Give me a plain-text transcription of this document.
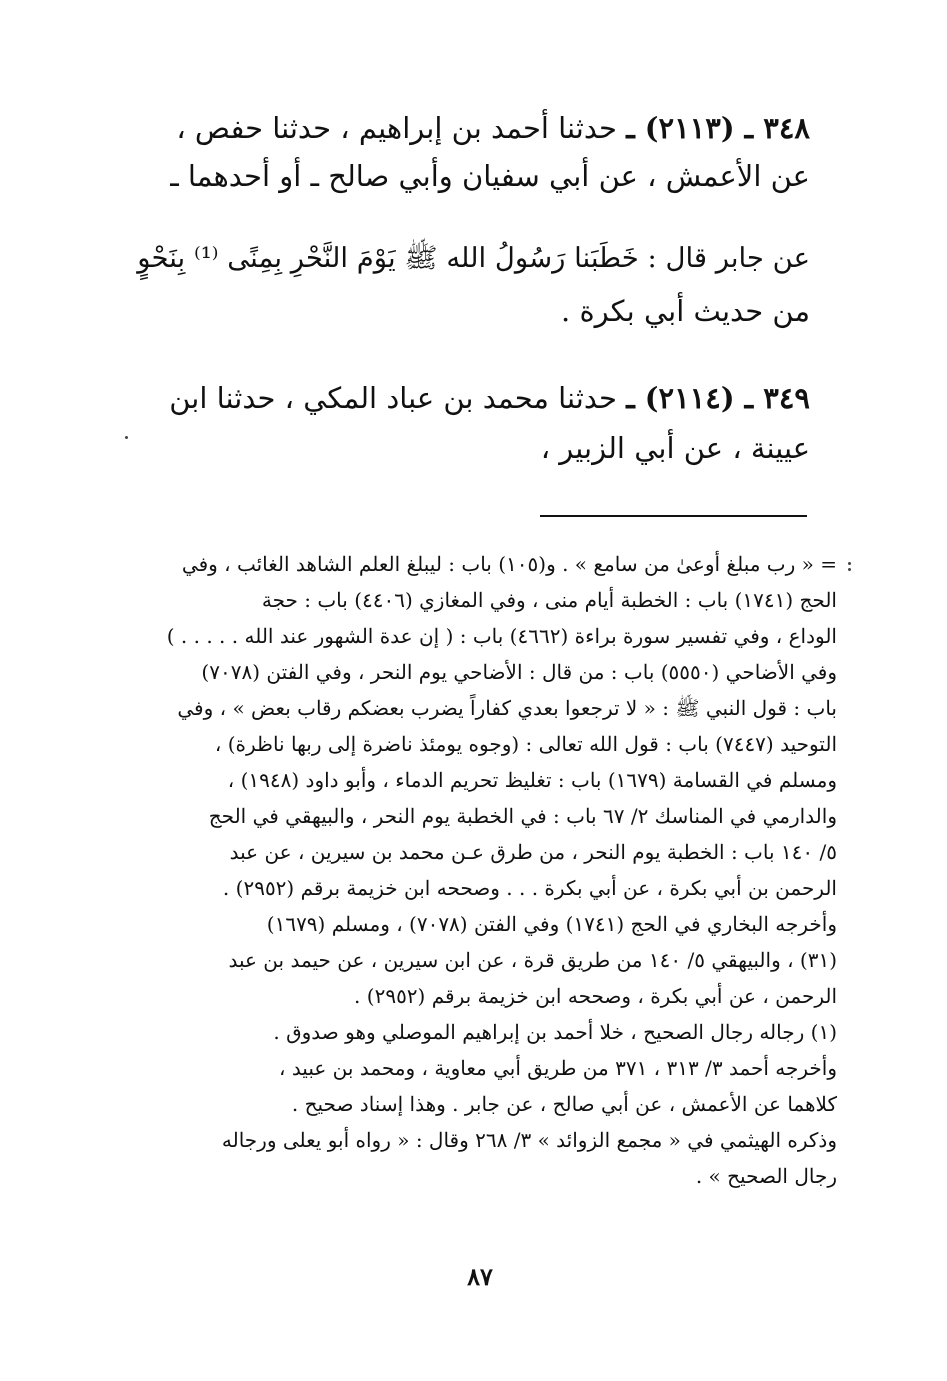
٣٤٨ ـ (٢١١٣) ـ حدثنا أحمد بن إبراهيم ، حدثنا حفص ،
عن الأعمش ، عن أبي سفيان وأبي صالح ـ أو أحدهما ـ
عن جابر قال : خَطَبَنا رَسُولُ الله ﷺ يَوْمَ النَّحْرِ بِمِنًى ⁽¹⁾ بِنَحْوٍ
من حديث أبي بكرة .
٣٤٩ ـ (٢١١٤) ـ حدثنا محمد بن عباد المكي ، حدثنا ابن
عيينة ، عن أبي الزبير ،
= « رب مبلغ أوعىٰ من سامع » . و(١٠٥) باب : ليبلغ العلم الشاهد الغائب ، وفي
الحج (١٧٤١) باب : الخطبة أيام منى ، وفي المغازي (٤٤٠٦) باب : حجة
الوداع ، وفي تفسير سورة براءة (٤٦٦٢) باب : ( إن عدة الشهور عند الله . . . . . )
وفي الأضاحي (٥٥٥٠) باب : من قال : الأضاحي يوم النحر ، وفي الفتن (٧٠٧٨)
باب : قول النبي ﷺ : « لا ترجعوا بعدي كفاراً يضرب بعضكم رقاب بعض » ، وفي
التوحيد (٧٤٤٧) باب : قول الله تعالى : (وجوه يومئذ ناضرة إلى ربها ناظرة) ،
ومسلم في القسامة (١٦٧٩) باب : تغليظ تحريم الدماء ، وأبو داود (١٩٤٨) ،
والدارمي في المناسك ٢/ ٦٧ باب : في الخطبة يوم النحر ، والبيهقي في الحج
٥/ ١٤٠ باب : الخطبة يوم النحر ، من طرق عـن محمد بن سيرين ، عن عبد
الرحمن بن أبي بكرة ، عن أبي بكرة . . . وصححه ابن خزيمة برقم (٢٩٥٢) .
وأخرجه البخاري في الحج (١٧٤١) وفي الفتن (٧٠٧٨) ، ومسلم (١٦٧٩)
(٣١) ، والبيهقي ٥/ ١٤٠ من طريق قرة ، عن ابن سيرين ، عن حيمد بن عبد
الرحمن ، عن أبي بكرة ، وصححه ابن خزيمة برقم (٢٩٥٢) .
(١) رجاله رجال الصحيح ، خلا أحمد بن إبراهيم الموصلي وهو صدوق .
وأخرجه أحمد ٣/ ٣١٣ ، ٣٧١ من طريق أبي معاوية ، ومحمد بن عبيد ،
كلاهما عن الأعمش ، عن أبي صالح ، عن جابر . وهذا إسناد صحيح .
وذكره الهيثمي في « مجمع الزوائد » ٣/ ٢٦٨ وقال : « رواه أبو يعلى ورجاله
رجال الصحيح » .
٨٧
